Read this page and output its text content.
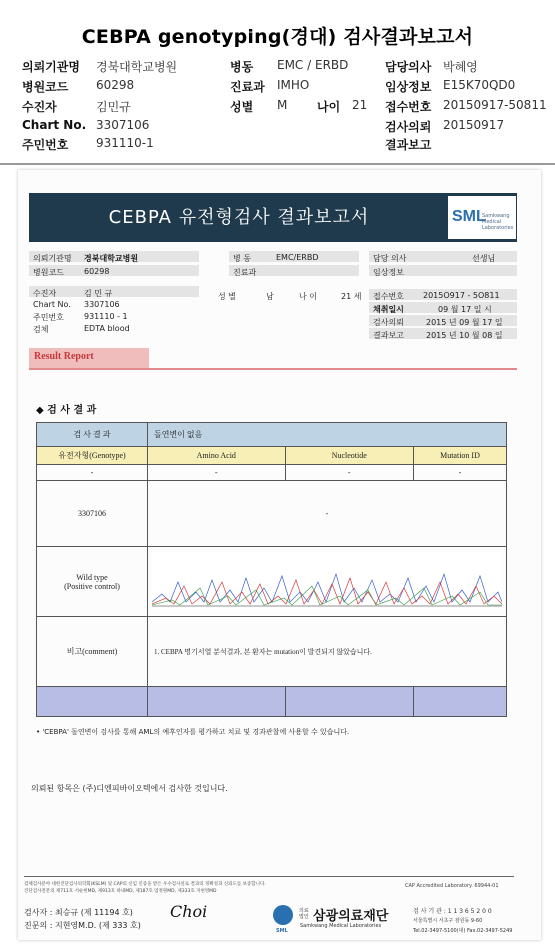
CEBPA genotyping(경대) 검사결과보고서
의뢰기관명 경북대학교병원	병동 EMC / ERBD	담당의사 박혜영
병원코드 60298	진료과 IMHO	임상정보 E15K70QD0
수진자	김민규	성별 M 나이 21 접수번호 20150917-50811
Chart No. 3307106	검사의뢰 20150917
주민번호 931110-1	결과보고
CEBPA 유전형검사 결과보고서	SML
Samkwang
Medical
Laboratories
의뢰기관명 경북대학교병원	병 동	EMC/ERBD	담당 의사	선생님
병원코드	60298	진료과	임상정보
수진자	김 민 규	성 별	남	나 이	21 세 접수번호 2015O917 - 5O811
Chart No. 3307106
채취일시	09 월 17 일 시
주민번호	931110 - 1
검사의뢰	2015 년 09 월 17 일
검체	EDTA blood
결과보고	2015 년 10 월 08 일
Result Report
◆ 검 사 결 과
검 사 결 과	돌연변이 없음		
유전자형(Genotype)	Amino Acid	Nucleotide	Mutation ID
-	-	-	-
3307106	-		

Wild type
(Positive control)

비고(comment)	1. CEBPA 명기서열 분석결과, 본 환자는 mutation이 발견되지 않았습니다.		

• 'CEBPA' 돌연변이 검사를 통해 AML의 예후인자를 평가하고 치료 및 경과관찰에 사용할 수 있습니다.
의뢰된 항목은 (주)디엔피바이오텍에서 검사한 것입니다.
검체검사분야 대한진단검사의학회(KSLM) 및 CAP의 신임 인증을 받은 우수검사실로 결과의 정확성과 신뢰도를 보증합니다.
진단검사전문의 제711호 서순현MD, 제913호 하내MD, 제187호 염정원MD, 제333호 지현영MD
CAP Accredited Laboratory. 69944-01
검사자 : 최승규 (제 11194 호)
진문의 : 지현영M.D. (제 333 호)
Choi
SML
의료 법인 삼광의료재단
Samkwang Medical Laboratories
검 사 기 관 : 1 1 3 6 5 2 0 0
서울특별시 서초구 잠원동 9-60
Tel.02-3497-5100(대) Fax.02-3497-5249
